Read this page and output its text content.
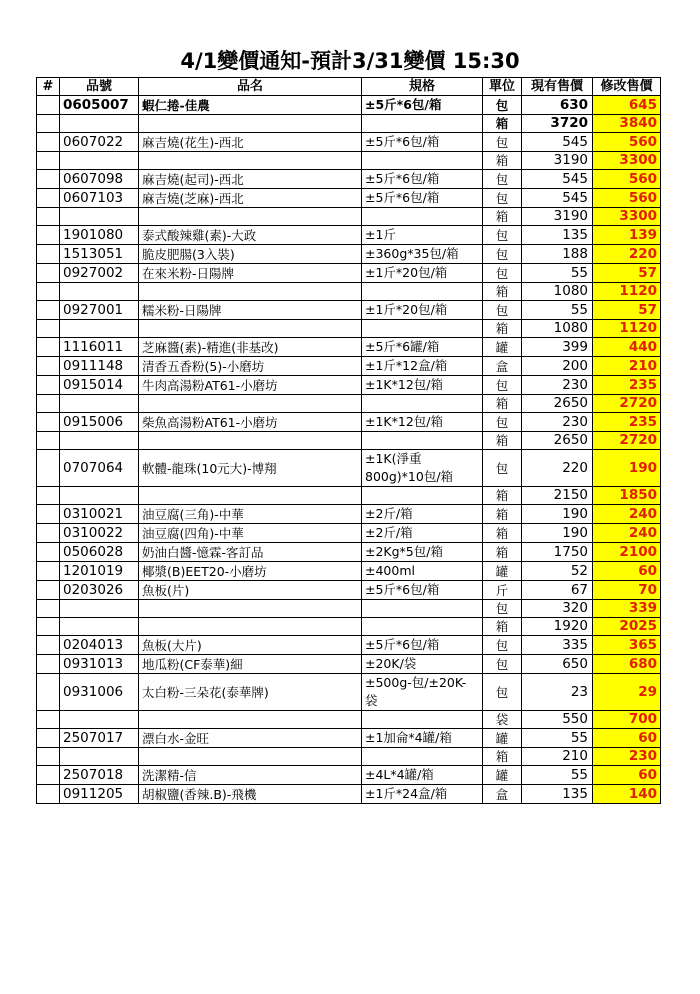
4/1變價通知-預計3/31變價 15:30
#	品號	品名	規格	單位	現有售價	修改售價
	0605007	蝦仁捲-佳農	±5斤*6包/箱	包	630	645
				箱	3720	3840
	0607022	麻吉燒(花生)-西北	±5斤*6包/箱	包	545	560
				箱	3190	3300
	0607098	麻吉燒(起司)-西北	±5斤*6包/箱	包	545	560
	0607103	麻吉燒(芝麻)-西北	±5斤*6包/箱	包	545	560
				箱	3190	3300
	1901080	泰式酸辣雞(素)-大政	±1斤	包	135	139
	1513051	脆皮肥腸(3入裝)	±360g*35包/箱	包	188	220
	0927002	在來米粉-日陽牌	±1斤*20包/箱	包	55	57
				箱	1080	1120
	0927001	糯米粉-日陽牌	±1斤*20包/箱	包	55	57
				箱	1080	1120
	1116011	芝麻醬(素)-精進(非基改)	±5斤*6罐/箱	罐	399	440
	0911148	清香五香粉(5)-小磨坊	±1斤*12盒/箱	盒	200	210
	0915014	牛肉高湯粉AT61-小磨坊	±1K*12包/箱	包	230	235
				箱	2650	2720
	0915006	柴魚高湯粉AT61-小磨坊	±1K*12包/箱	包	230	235
				箱	2650	2720
	0707064	軟體-龍珠(10元大)-博翔	±1K(淨重800g)*10包/箱	包	220	190
				箱	2150	1850
	0310021	油豆腐(三角)-中華	±2斤/箱	箱	190	240
	0310022	油豆腐(四角)-中華	±2斤/箱	箱	190	240
	0506028	奶油白醬-憶霖-客訂品	±2Kg*5包/箱	箱	1750	2100
	1201019	椰漿(B)EET20-小磨坊	±400ml	罐	52	60
	0203026	魚板(片)	±5斤*6包/箱	斤	67	70
				包	320	339
				箱	1920	2025
	0204013	魚板(大片)	±5斤*6包/箱	包	335	365
	0931013	地瓜粉(CF泰華)細	±20K/袋	包	650	680
	0931006	太白粉-三朵花(泰華牌)	±500g-包/±20K-袋	包	23	29
				袋	550	700
	2507017	漂白水-金旺	±1加侖*4罐/箱	罐	55	60
				箱	210	230
	2507018	洗潔精-信	±4L*4罐/箱	罐	55	60
	0911205	胡椒鹽(香辣.B)-飛機	±1斤*24盒/箱	盒	135	140
